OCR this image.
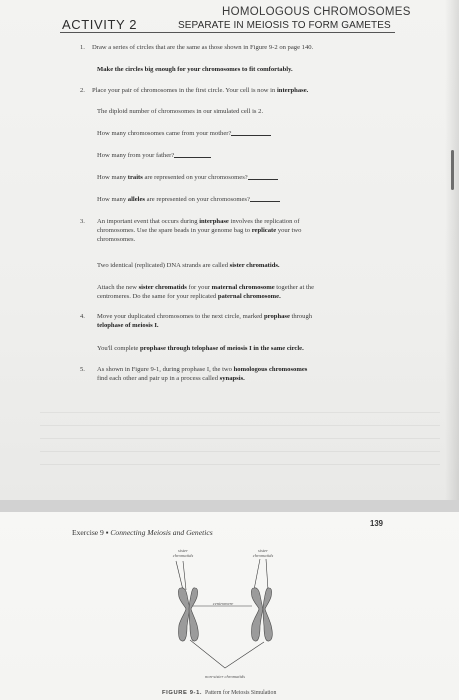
HOMOLOGOUS CHROMOSOMES
ACTIVITY 2	SEPARATE IN MEIOSIS TO FORM GAMETES
1. Draw a series of circles that are the same as those shown in Figure 9-2 on page 140.
Make the circles big enough for your chromosomes to fit comfortably.
2. Place your pair of chromosomes in the first circle. Your cell is now in interphase.
The diploid number of chromosomes in our simulated cell is 2.
How many chromosomes came from your mother?
How many from your father?
How many traits are represented on your chromosomes?
How many alleles are represented on your chromosomes?
3. An important event that occurs during interphase involves the replication of
chromosomes. Use the spare beads in your genome bag to replicate your two
chromosomes.
Two identical (replicated) DNA strands are called sister chromatids.
Attach the new sister chromatids for your maternal chromosome together at the
centromeres. Do the same for your replicated paternal chromosome.
4. Move your duplicated chromosomes to the next circle, marked prophase through
telophase of meiosis I.
You'll complete prophase through telophase of meiosis I in the same circle.
5. As shown in Figure 9-1, during prophase I, the two homologous chromosomes
find each other and pair up in a process called synapsis.
Exercise 9 ▪ Connecting Meiosis and Genetics
139
sister
chromatids
sister
chromatids
centromere
non-sister chromatids
FIGURE 9-1. Pattern for Meiosis Simulation
